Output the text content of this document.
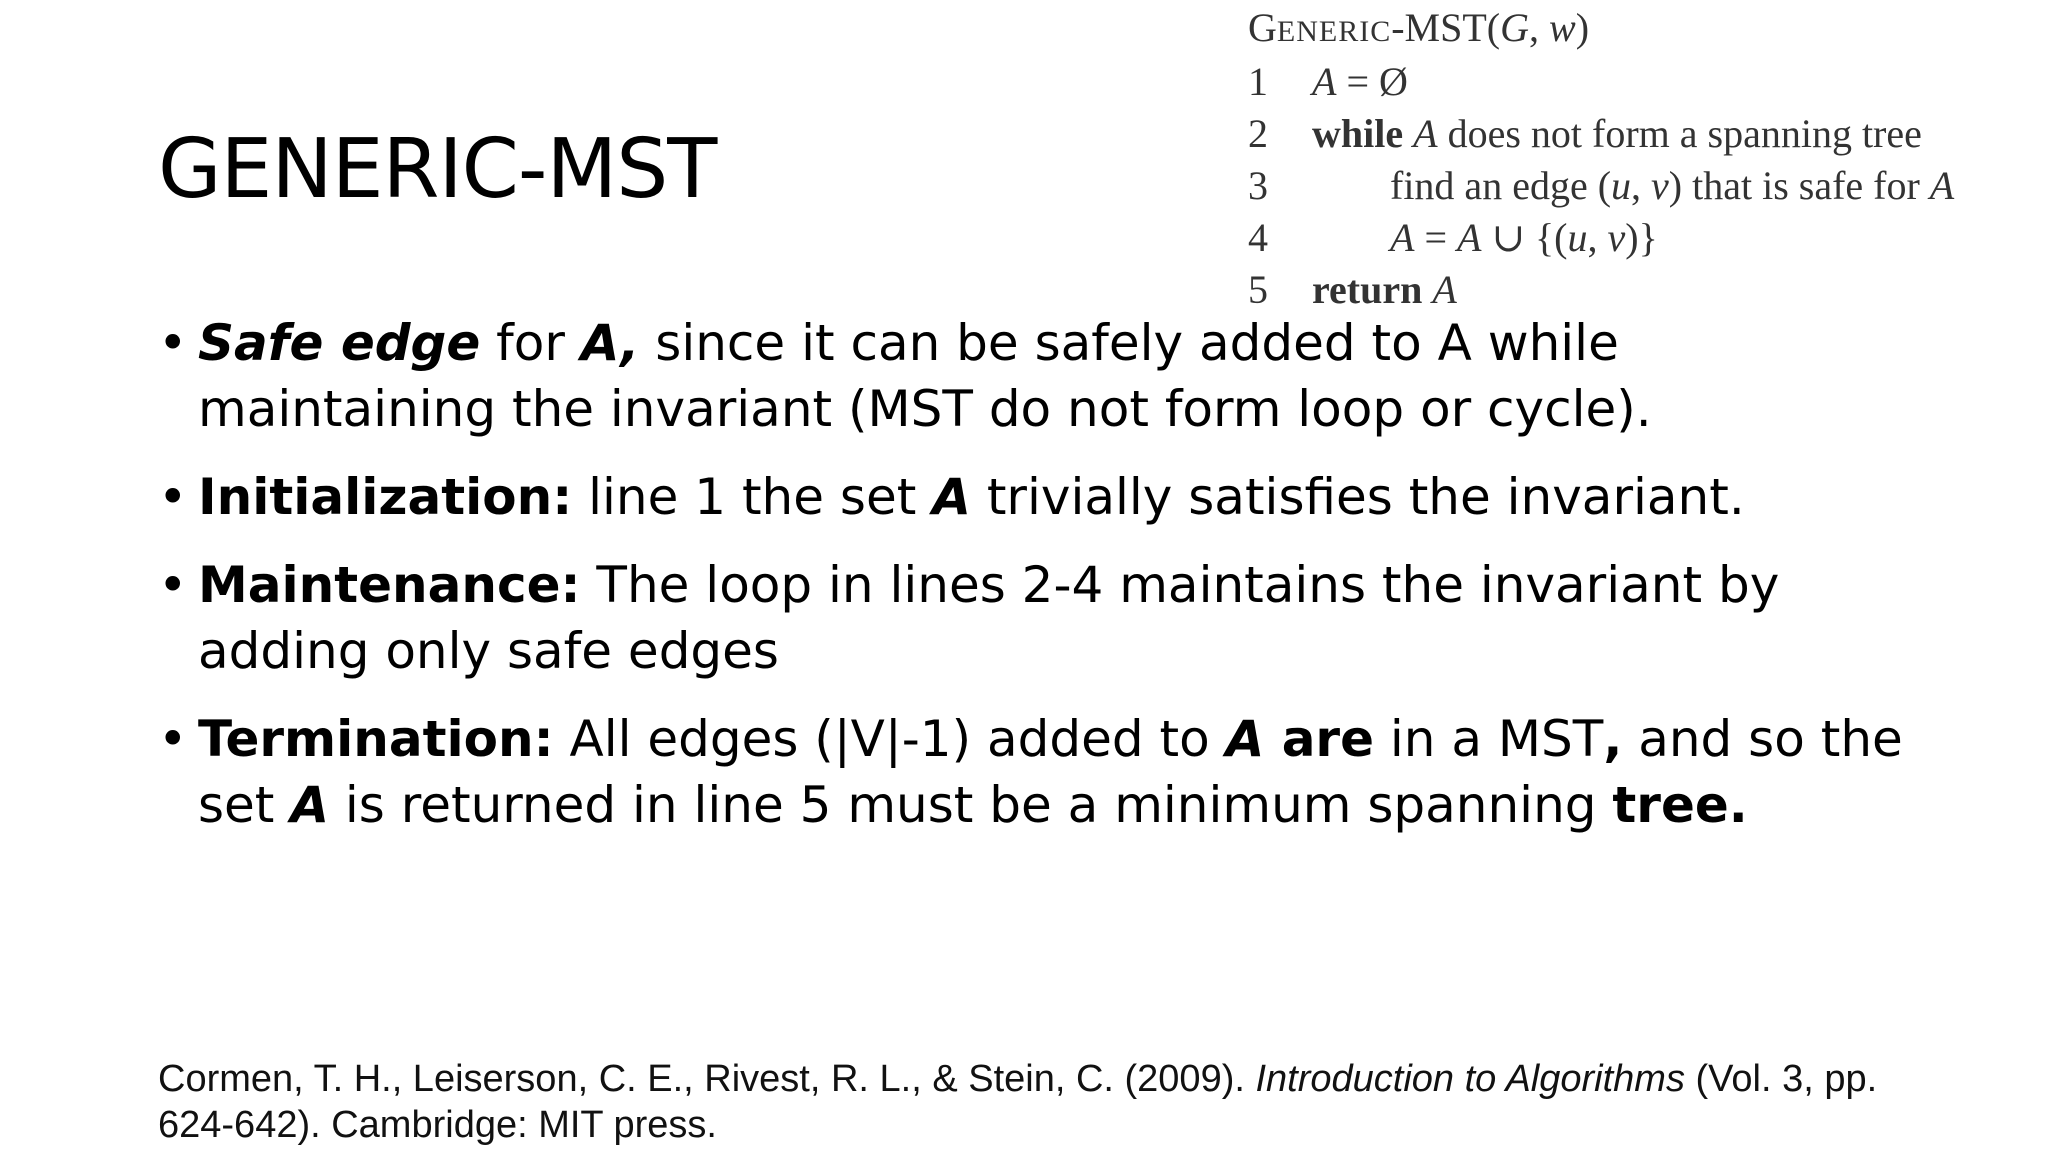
GENERIC-MST
GENERIC-MST(G, w)
1 A = Ø
2 while A does not form a spanning tree
3	find an edge (u, v) that is safe for A
4	A = A ∪ {(u, v)}
5 return A
• Safe edge for A, since it can be safely added to A while maintaining the invariant (MST do not form loop or cycle).
• Initialization: line 1 the set A trivially satisfies the invariant.
• Maintenance: The loop in lines 2-4 maintains the invariant by adding only safe edges
• Termination: All edges (|V|-1) added to A are in a MST, and so the set A is returned in line 5 must be a minimum spanning tree.
Cormen, T. H., Leiserson, C. E., Rivest, R. L., & Stein, C. (2009). Introduction to Algorithms (Vol. 3, pp. 624-642). Cambridge: MIT press.
